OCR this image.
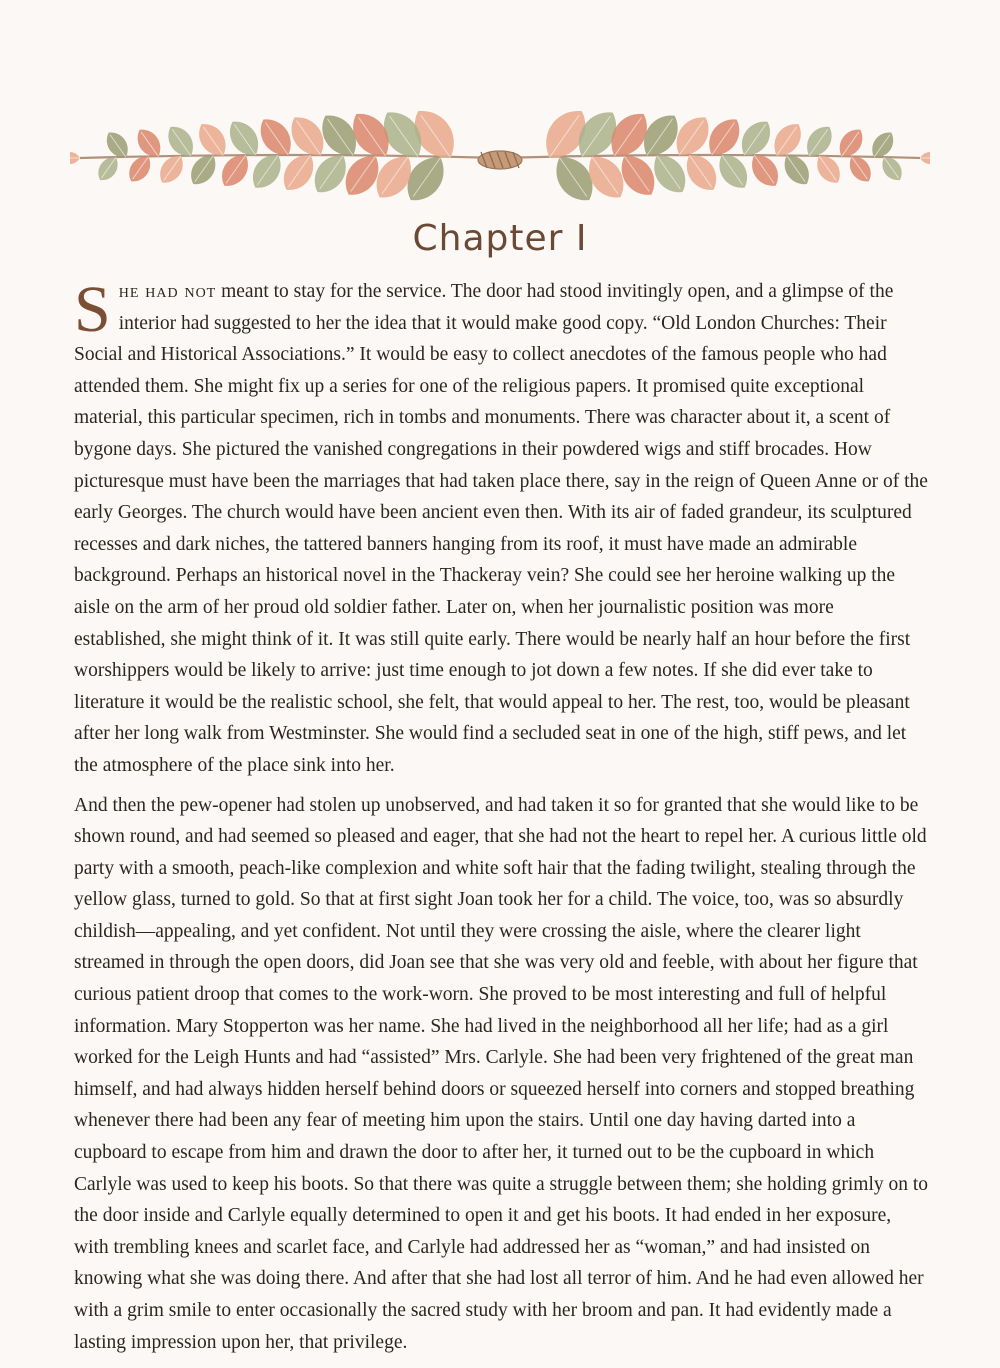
Chapter I

She had not meant to stay for the service. The door had stood invitingly open, and a glimpse of the interior had suggested to her the idea that it would make good copy. “Old London Churches: Their Social and Historical Associations.” It would be easy to collect anecdotes of the famous people who had attended them. She might fix up a series for one of the religious papers. It promised quite exceptional material, this particular specimen, rich in tombs and monuments. There was character about it, a scent of bygone days. She pictured the vanished congregations in their powdered wigs and stiff brocades. How picturesque must have been the marriages that had taken place there, say in the reign of Queen Anne or of the early Georges. The church would have been ancient even then. With its air of faded grandeur, its sculptured recesses and dark niches, the tattered banners hanging from its roof, it must have made an admirable background. Perhaps an historical novel in the Thackeray vein? She could see her heroine walking up the aisle on the arm of her proud old soldier father. Later on, when her journalistic position was more established, she might think of it. It was still quite early. There would be nearly half an hour before the first worshippers would be likely to arrive: just time enough to jot down a few notes. If she did ever take to literature it would be the realistic school, she felt, that would appeal to her. The rest, too, would be pleasant after her long walk from Westminster. She would find a secluded seat in one of the high, stiff pews, and let the atmosphere of the place sink into her.

And then the pew-opener had stolen up unobserved, and had taken it so for granted that she would like to be shown round, and had seemed so pleased and eager, that she had not the heart to repel her. A curious little old party with a smooth, peach-like complexion and white soft hair that the fading twilight, stealing through the yellow glass, turned to gold. So that at first sight Joan took her for a child. The voice, too, was so absurdly childish—appealing, and yet confident. Not until they were crossing the aisle, where the clearer light streamed in through the open doors, did Joan see that she was very old and feeble, with about her figure that curious patient droop that comes to the work-worn. She proved to be most interesting and full of helpful information. Mary Stopperton was her name. She had lived in the neighborhood all her life; had as a girl worked for the Leigh Hunts and had “assisted” Mrs. Carlyle. She had been very frightened of the great man himself, and had always hidden herself behind doors or squeezed herself into corners and stopped breathing whenever there had been any fear of meeting him upon the stairs. Until one day having darted into a cupboard to escape from him and drawn the door to after her, it turned out to be the cupboard in which Carlyle was used to keep his boots. So that there was quite a struggle between them; she holding grimly on to the door inside and Carlyle equally determined to open it and get his boots. It had ended in her exposure, with trembling knees and scarlet face, and Carlyle had addressed her as “woman,” and had insisted on knowing what she was doing there. And after that she had lost all terror of him. And he had even allowed her with a grim smile to enter occasionally the sacred study with her broom and pan. It had evidently made a lasting impression upon her, that privilege.
